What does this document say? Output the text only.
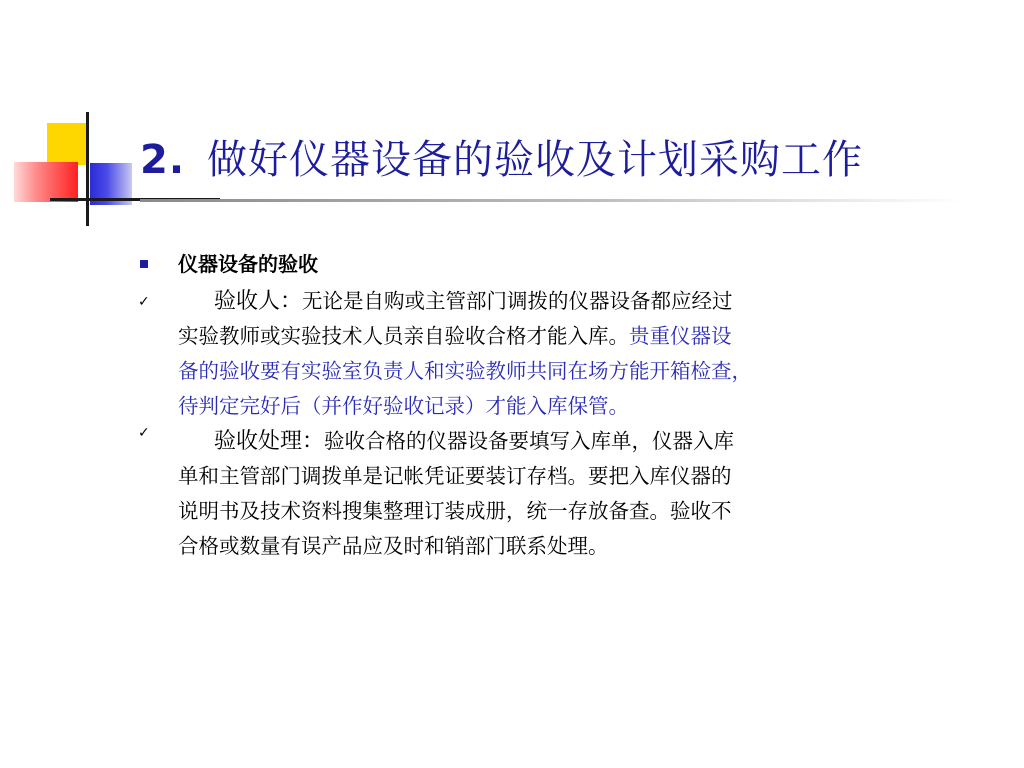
2. 做好仪器设备的验收及计划采购工作
仪器设备的验收
✓	验收人：无论是自购或主管部门调拨的仪器设备都应经过
实验教师或实验技术人员亲自验收合格才能入库。贵重仪器设
备的验收要有实验室负责人和实验教师共同在场方能开箱检查，
待判定完好后（并作好验收记录）才能入库保管。
✓	验收处理：验收合格的仪器设备要填写入库单，仪器入库
单和主管部门调拨单是记帐凭证要装订存档。要把入库仪器的
说明书及技术资料搜集整理订装成册，统一存放备查。验收不
合格或数量有误产品应及时和销部门联系处理。
